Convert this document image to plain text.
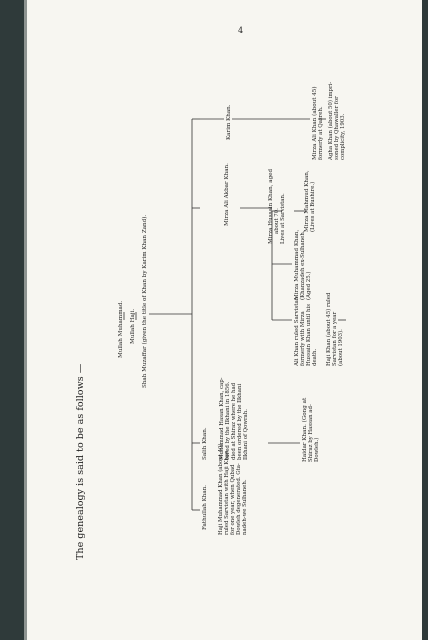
4
The genealogy is said to be as follows —
Mullah Muhammad. Mullah Haji. Shah Muzaffar (given the title of Khan by Karim Khan Zand).
Fathullah Khan. Haji Muhammad Khan (about 40) ruled Sarvistan with Haji Khan for one year, when Qubad Dowleh degenerated. Gta- nadeh-we Sulhaneh.
Salih Khan. Muhammad Hasan Khan, cap- tured by the Ilkhani in 1856. died at Shiraz where he had been ordered by the Ilkhani Ilkhani of Qowrah.	Haidar Khan. (Gong at Shiraz by Hassan ad- Dowleh.)
Mirza Ali Akbar Khan.
Ali Khan ruled Sarvistan formerly with Mirza Hussain Khan until his death. Haji Khan (about 45) ruled Sarvistan for a year (about 1903).
Mirza Muhammad Khan, (Khanzadeh ex-Sulhaneh. (Aged 25.)
Mirza Hussain Khan, aged about 70. Lives at Sarvistan.	Mirza Mahmud Khan, (Lives at Bushire.)
Karim Khan.	Mirza Ali Khan (about 45) formerly at Qasreh. Agha Khan (about 50) impri- soned by Qhawaller for complicity, 1903.
